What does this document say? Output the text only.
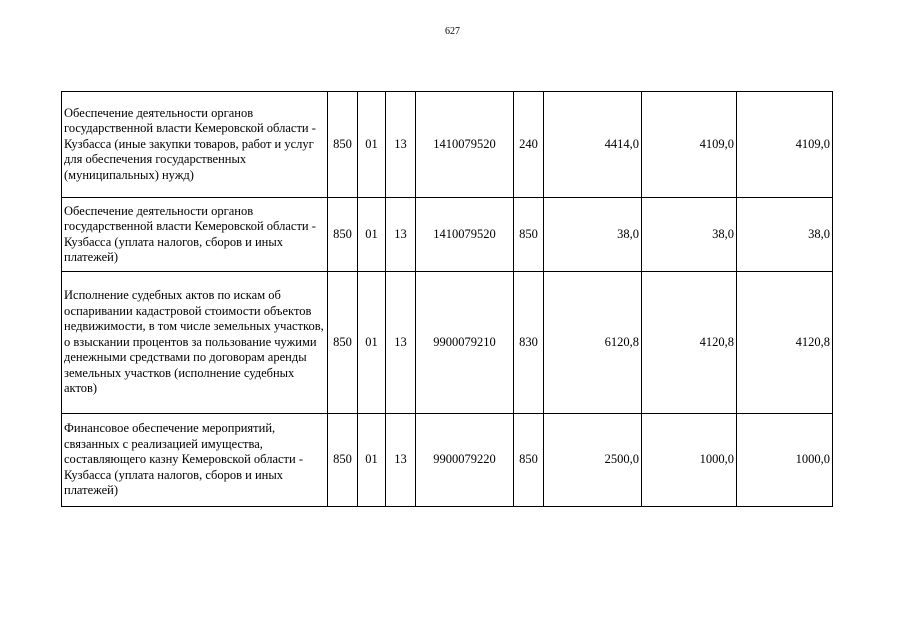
627
Обеспечение деятельности органов государственной власти Кемеровской области - Кузбасса (иные закупки товаров, работ и услуг для обеспечения государственных (муниципальных) нужд)	850	01	13	1410079520	240	4414,0	4109,0	4109,0
Обеспечение деятельности органов государственной власти Кемеровской области - Кузбасса (уплата налогов, сборов и иных платежей)	850	01	13	1410079520	850	38,0	38,0	38,0
Исполнение судебных актов по искам об оспаривании кадастровой стоимости объектов недвижимости, в том числе земельных участков, о взыскании процентов за пользование чужими денежными средствами по договорам аренды земельных участков (исполнение судебных актов)	850	01	13	9900079210	830	6120,8	4120,8	4120,8
Финансовое обеспечение мероприятий, связанных с реализацией имущества, составляющего казну Кемеровской области - Кузбасса (уплата налогов, сборов и иных платежей)	850	01	13	9900079220	850	2500,0	1000,0	1000,0
